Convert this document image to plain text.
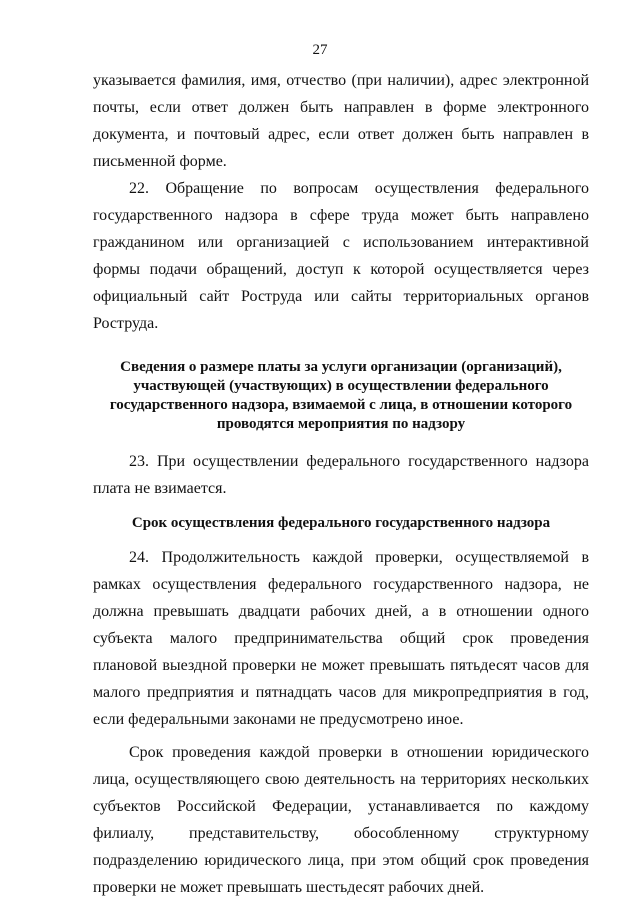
27

указывается фамилия, имя, отчество (при наличии), адрес электронной почты, если ответ должен быть направлен в форме электронного документа, и почтовый адрес, если ответ должен быть направлен в письменной форме.

22. Обращение по вопросам осуществления федерального государственного надзора в сфере труда может быть направлено гражданином или организацией с использованием интерактивной формы подачи обращений, доступ к которой осуществляется через официальный сайт Роструда или сайты территориальных органов Роструда.

Сведения о размере платы за услуги организации (организаций), участвующей (участвующих) в осуществлении федерального государственного надзора, взимаемой с лица, в отношении которого проводятся мероприятия по надзору

23. При осуществлении федерального государственного надзора плата не взимается.

Срок осуществления федерального государственного надзора

24. Продолжительность каждой проверки, осуществляемой в рамках осуществления федерального государственного надзора, не должна превышать двадцати рабочих дней, а в отношении одного субъекта малого предпринимательства общий срок проведения плановой выездной проверки не может превышать пятьдесят часов для малого предприятия и пятнадцать часов для микропредприятия в год, если федеральными законами не предусмотрено иное.

Срок проведения каждой проверки в отношении юридического лица, осуществляющего свою деятельность на территориях нескольких субъектов Российской Федерации, устанавливается по каждому филиалу, представительству, обособленному структурному подразделению юридического лица, при этом общий срок проведения проверки не может превышать шестьдесят рабочих дней.
